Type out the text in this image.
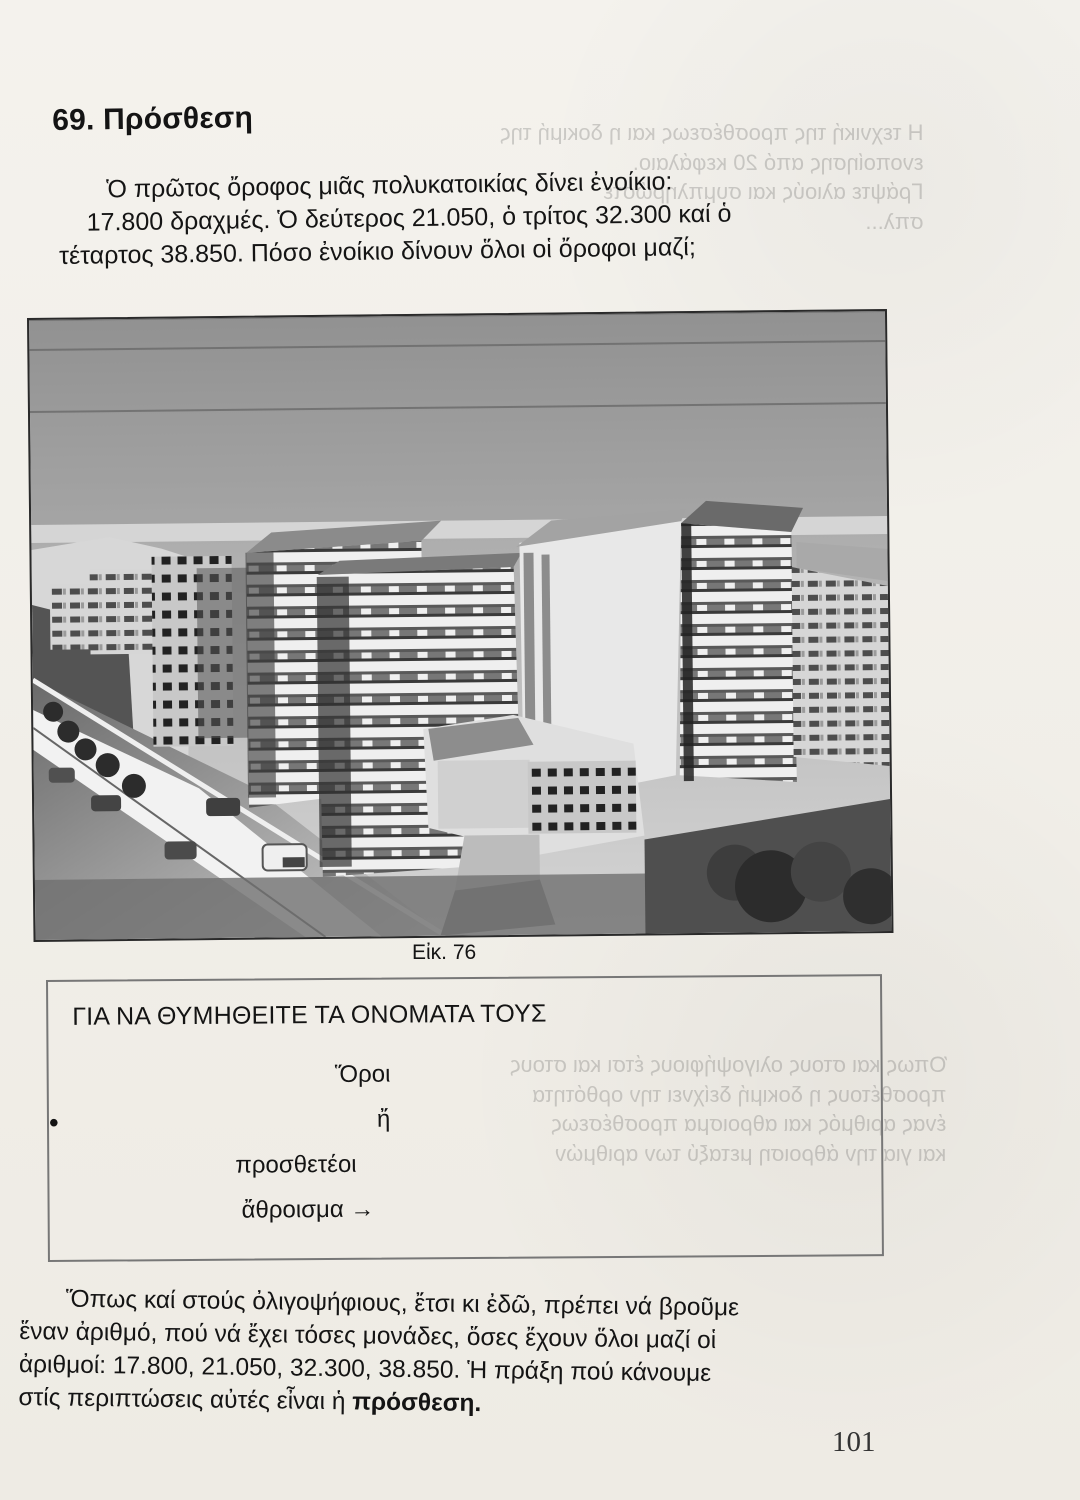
Η τεχνική της προσθέσεως και η δοκιμή της
ενοποίησης από 20 κεφάλαιο.
Γράψτε αλιούς και συμπληρώστε
σπλ...

Όπως και στους ολιγοψήφιους έτσι και στους
προσθέτους η δοκιμή δείχνει την ορθότητα
ένας αριθμός και αθροισμα προσθέσεως
και για την άθροιση μεταξύ των αριθμών

69. Πρόσθεση
Ὁ πρῶτος ὄροφος μιᾶς πολυκατοικίας δίνει ἐνοίκιο:
17.800 δραχμές. Ὁ δεύτερος 21.050, ὁ τρίτος 32.300 καί ὁ
τέταρτος 38.850. Πόσο ἐνοίκιο δίνουν ὅλοι οἱ ὄροφοι μαζί;
Εἰκ. 76
ΓΙΑ ΝΑ ΘΥΜΗΘΕΙΤΕ ΤΑ ΟΝΟΜΑΤΑ ΤΟΥΣ
•
Ὅροι
ἤ
προσθετέοι
ἄθροισμα →
Ὅπως καί στούς ὀλιγοψήφιους, ἔτσι κι ἐδῶ, πρέπει νά βροῦμε
ἕναν ἀριθμό, πού νά ἔχει τόσες μονάδες, ὅσες ἔχουν ὅλοι μαζί οἱ
ἀριθμοί: 17.800, 21.050, 32.300, 38.850. Ἡ πράξη πού κάνουμε
στίς περιπτώσεις αὐτές εἶναι ἡ πρόσθεση.
101
